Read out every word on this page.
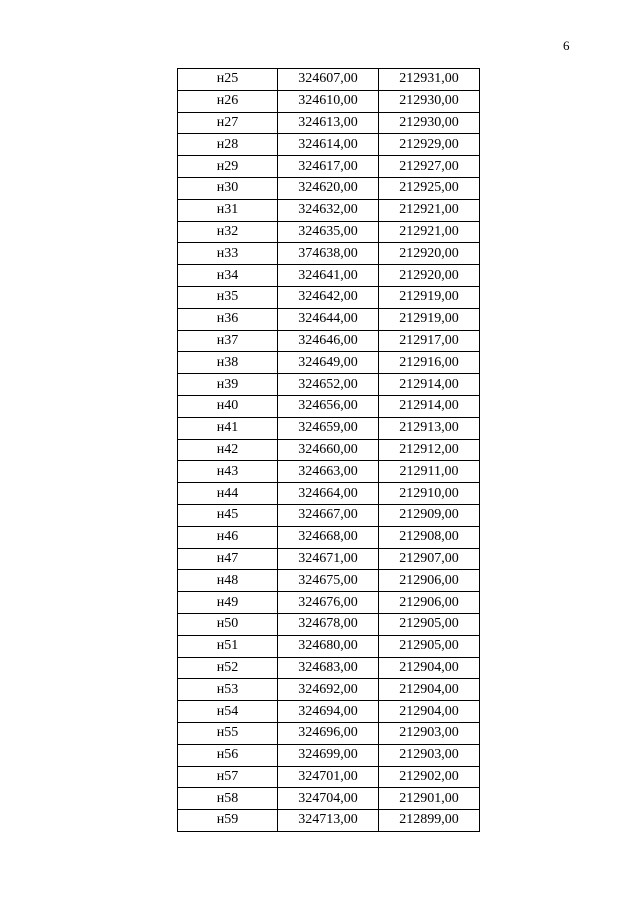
6
н25	324607,00	212931,00
н26	324610,00	212930,00
н27	324613,00	212930,00
н28	324614,00	212929,00
н29	324617,00	212927,00
н30	324620,00	212925,00
н31	324632,00	212921,00
н32	324635,00	212921,00
н33	374638,00	212920,00
н34	324641,00	212920,00
н35	324642,00	212919,00
н36	324644,00	212919,00
н37	324646,00	212917,00
н38	324649,00	212916,00
н39	324652,00	212914,00
н40	324656,00	212914,00
н41	324659,00	212913,00
н42	324660,00	212912,00
н43	324663,00	212911,00
н44	324664,00	212910,00
н45	324667,00	212909,00
н46	324668,00	212908,00
н47	324671,00	212907,00
н48	324675,00	212906,00
н49	324676,00	212906,00
н50	324678,00	212905,00
н51	324680,00	212905,00
н52	324683,00	212904,00
н53	324692,00	212904,00
н54	324694,00	212904,00
н55	324696,00	212903,00
н56	324699,00	212903,00
н57	324701,00	212902,00
н58	324704,00	212901,00
н59	324713,00	212899,00
